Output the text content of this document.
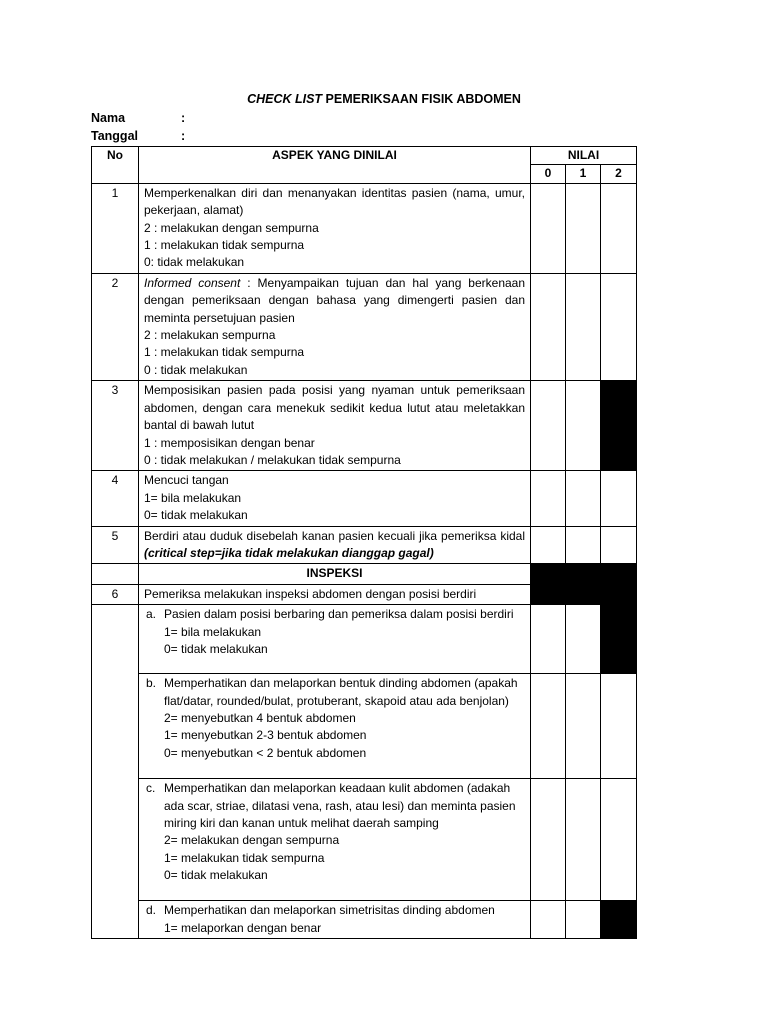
CHECK LIST PEMERIKSAAN FISIK ABDOMEN
Nama	:
Tanggal	:
No	ASPEK YANG DINILAI	NILAI		
		0	1	2
1	Memperkenalkan diri dan menanyakan identitas pasien (nama, umur, pekerjaan, alamat)
2 : melakukan dengan sempurna
1 : melakukan tidak sempurna
0: tidak melakukan			

2	Informed consent : Menyampaikan tujuan dan hal yang berkenaan dengan pemeriksaan dengan bahasa yang dimengerti pasien dan meminta persetujuan pasien
2 : melakukan sempurna
1 : melakukan tidak sempurna
0 : tidak melakukan			

3	Memposisikan pasien pada posisi yang nyaman untuk pemeriksaan abdomen, dengan cara menekuk sedikit kedua lutut atau meletakkan bantal di bawah lutut
1 : memposisikan dengan benar
0 : tidak melakukan / melakukan tidak sempurna			

4	Mencuci tangan
1= bila melakukan
0= tidak melakukan			

5	Berdiri atau duduk disebelah kanan pasien kecuali jika pemeriksa kidal (critical step=jika tidak melakukan dianggap gagal)			

	INSPEKSI			
6	Pemeriksa melakukan inspeksi abdomen dengan posisi berdiri			

	a. Pasien dalam posisi berbaring dan pemeriksa dalam posisi berdiri
1= bila melakukan
0= tidak melakukan			

	b. Memperhatikan dan melaporkan bentuk dinding abdomen (apakah flat/datar, rounded/bulat, protuberant, skapoid atau ada benjolan)
2= menyebutkan 4 bentuk abdomen
1= menyebutkan 2-3 bentuk abdomen
0= menyebutkan < 2 bentuk abdomen			

	c. Memperhatikan dan melaporkan keadaan kulit abdomen (adakah ada scar, striae, dilatasi vena, rash, atau lesi) dan meminta pasien miring kiri dan kanan untuk melihat daerah samping
2= melakukan dengan sempurna
1= melakukan tidak sempurna
0= tidak melakukan			

	d. Memperhatikan dan melaporkan simetrisitas dinding abdomen
1= melaporkan dengan benar			
